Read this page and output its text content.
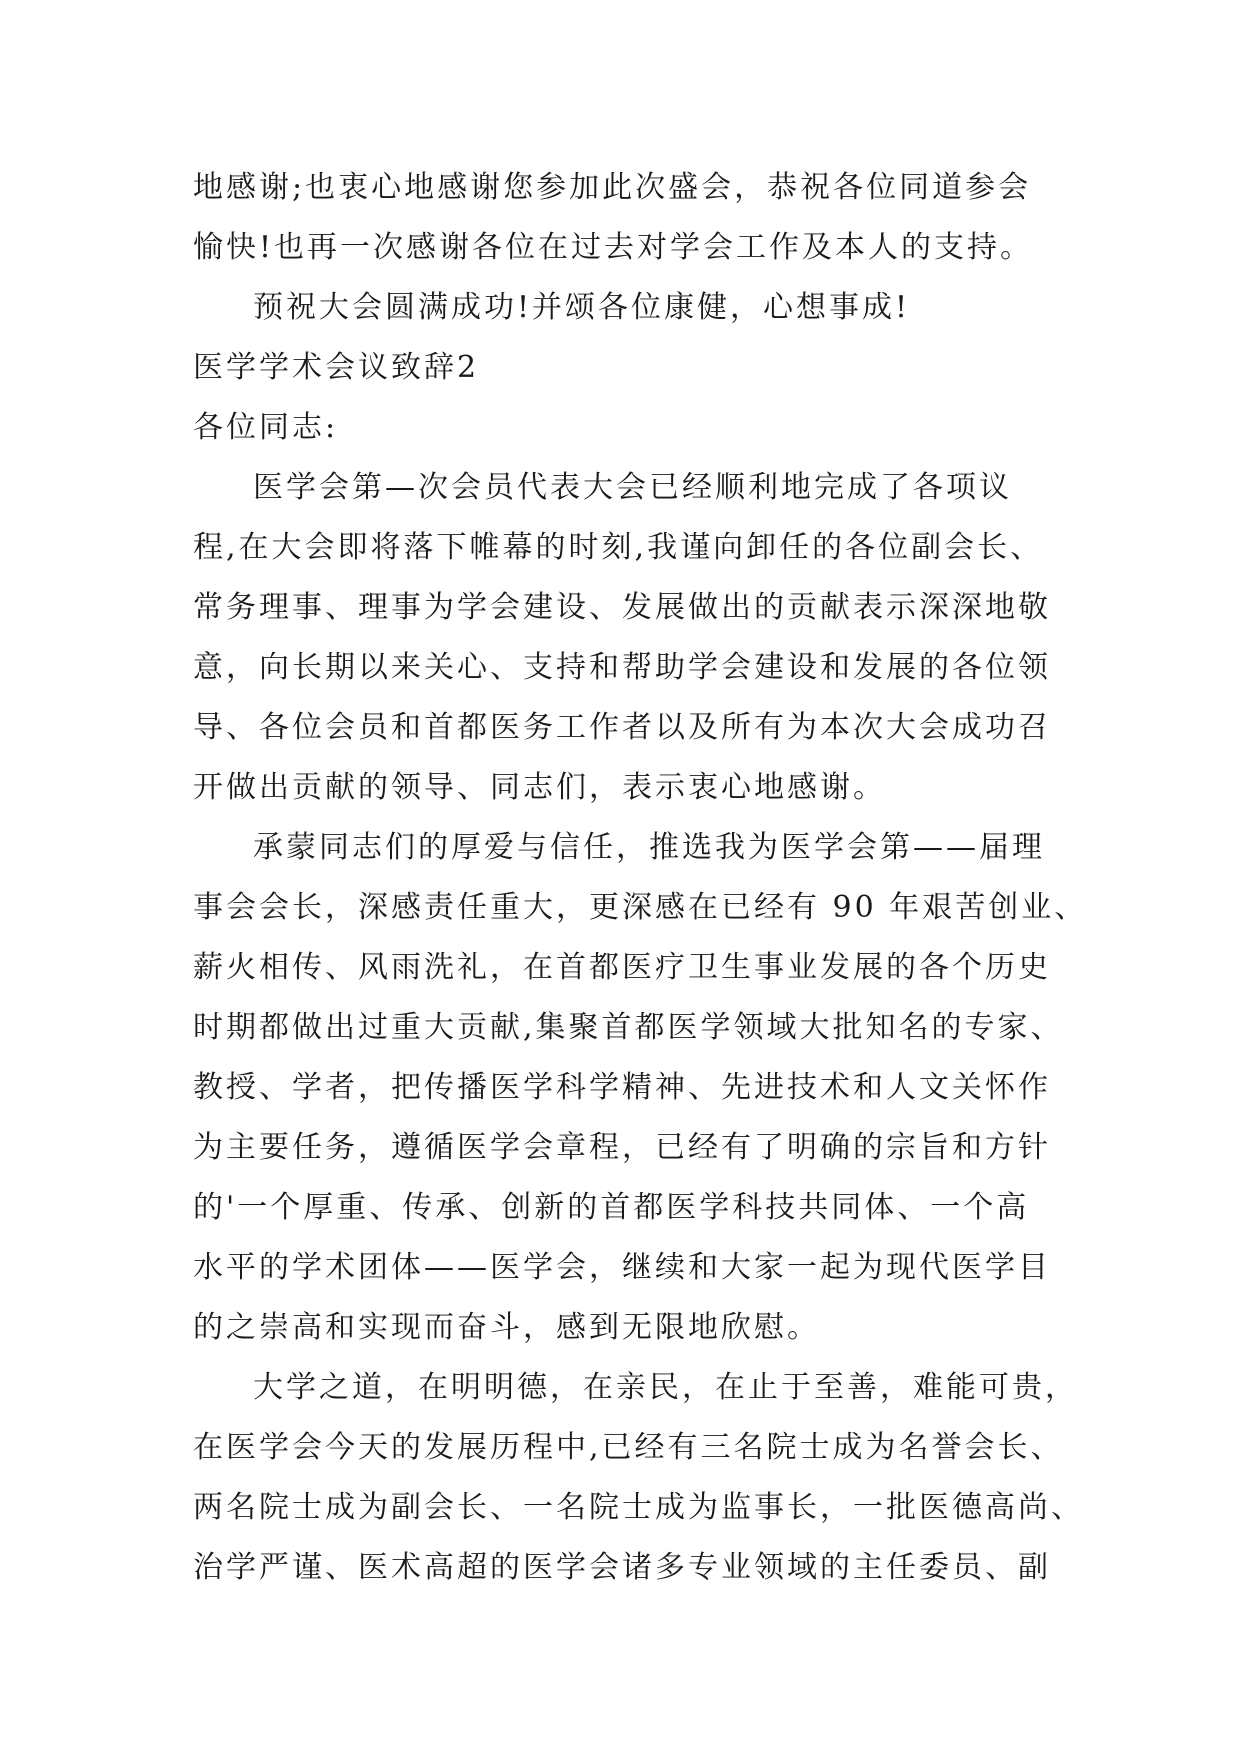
地感谢;也衷心地感谢您参加此次盛会，恭祝各位同道参会
愉快!也再一次感谢各位在过去对学会工作及本人的支持。
预祝大会圆满成功!并颂各位康健，心想事成!
医学学术会议致辞2
各位同志:
医学会第—次会员代表大会已经顺利地完成了各项议
程,在大会即将落下帷幕的时刻,我谨向卸任的各位副会长、
常务理事、理事为学会建设、发展做出的贡献表示深深地敬
意，向长期以来关心、支持和帮助学会建设和发展的各位领
导、各位会员和首都医务工作者以及所有为本次大会成功召
开做出贡献的领导、同志们，表示衷心地感谢。
承蒙同志们的厚爱与信任，推选我为医学会第——届理
事会会长，深感责任重大，更深感在已经有 90 年艰苦创业、
薪火相传、风雨洗礼，在首都医疗卫生事业发展的各个历史
时期都做出过重大贡献,集聚首都医学领域大批知名的专家、
教授、学者，把传播医学科学精神、先进技术和人文关怀作
为主要任务，遵循医学会章程，已经有了明确的宗旨和方针
的'一个厚重、传承、创新的首都医学科技共同体、一个高
水平的学术团体——医学会，继续和大家一起为现代医学目
的之崇高和实现而奋斗，感到无限地欣慰。
大学之道，在明明德，在亲民，在止于至善，难能可贵，
在医学会今天的发展历程中,已经有三名院士成为名誉会长、
两名院士成为副会长、一名院士成为监事长，一批医德高尚、
治学严谨、医术高超的医学会诸多专业领域的主任委员、副
